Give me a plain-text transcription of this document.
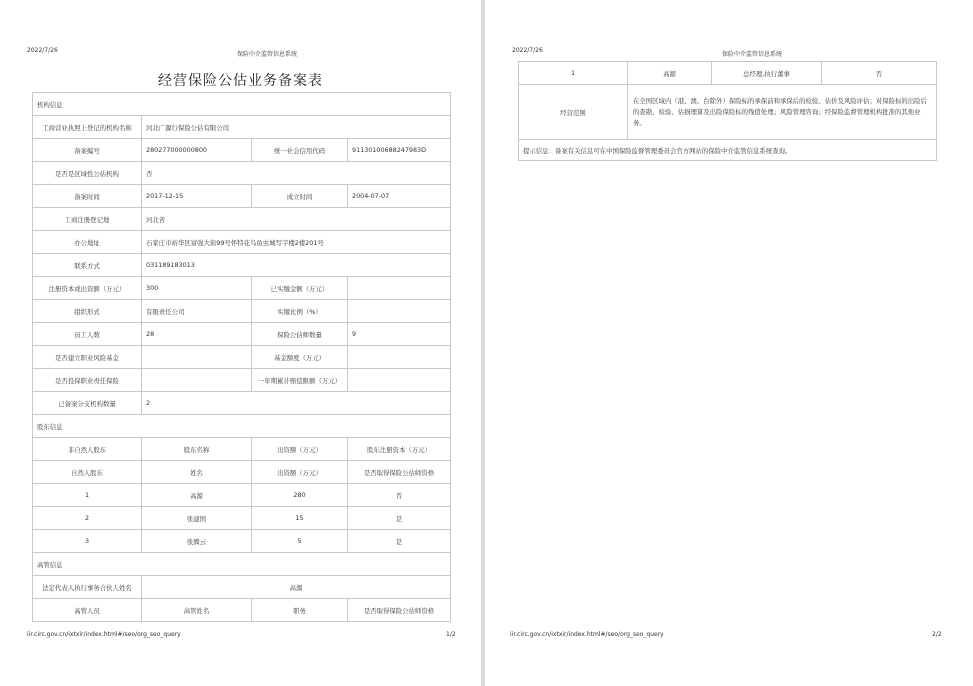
2022/7/26
保险中介监管信息系统
经营保险公估业务备案表
机构信息			
工商营业执照上登记的机构名称	河北广源行保险公估有限公司		
备案编号	280277000000800	统一社会信用代码	91130100688247983D
是否是区域性公估机构	否		
备案时间	2017-12-15	成立时间	2004-07-07
工商注册登记地	河北省		
办公地址	石家庄市裕华区富强大街99号怀特花鸟鱼虫城写字楼2楼201号		
联系方式	031189183013		
注册资本或出资额（万元）	300	已实缴金额（万元）	
组织形式	有限责任公司	实缴比例（%）	
员工人数	28	保险公估师数量	9
是否建立职业风险基金		基金额度（万元）	
是否投保职业责任保险		一年期累计赔偿限额（万元）	
已备案分支机构数量	2		
股东信息			
非自然人股东	股东名称	出资额（万元）	股东注册资本（万元）
自然人股东	姓名	出资额（万元）	是否取得保险公估师资格
1	高源	280	否
2	张建国	15	是
3	张腾云	5	是
高管信息			
法定代表人执行事务合伙人姓名	高源		
高管人员	高管姓名	职务	是否取得保险公估师资格
iir.circ.gov.cn/ixtxir/index.html#/seo/org_seo_query	1/2
2022/7/26
保险中介监管信息系统
1	高源	总经理,执行董事	否
经营范围	在全国区域内（港、澳、台除外）保险标的承保前和承保后的检验、估价及风险评估；对保险标的出险后的查勘、检验、估损理算及出险保险标的残值处理；风险管理咨询；经保险监督管理机构批准的其他业务。		
提示信息：备案有关信息可在中国保险监督管理委员会官方网站的保险中介监管信息系统查询。			
iir.circ.gov.cn/ixtxir/index.html#/seo/org_seo_query	2/2
